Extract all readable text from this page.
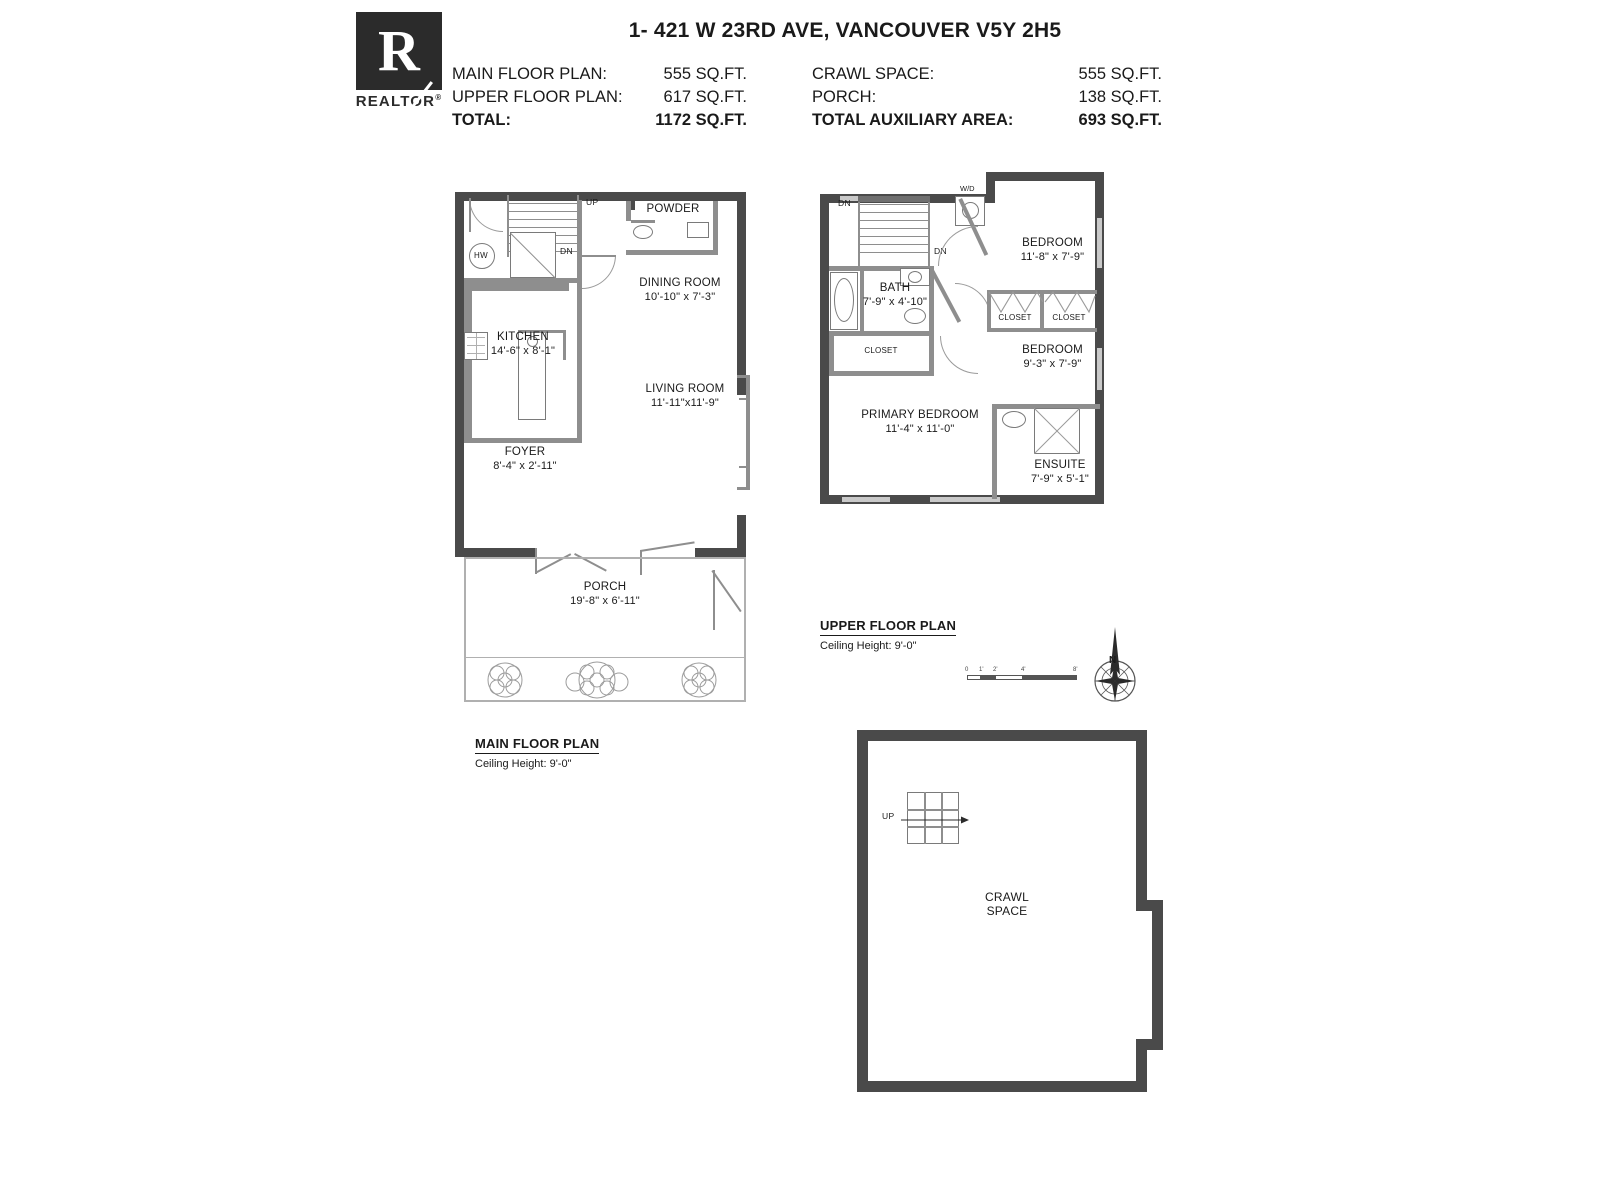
R
REALTOR®
1- 421 W 23RD AVE, VANCOUVER V5Y 2H5
MAIN FLOOR PLAN:	555 SQ.FT.
UPPER FLOOR PLAN:	617 SQ.FT.
TOTAL:	1172 SQ.FT.
CRAWL SPACE:	555 SQ.FT.
PORCH:	138 SQ.FT.
TOTAL AUXILIARY AREA:	693 SQ.FT.
UP
DN
HW
POWDER
DINING ROOM
10'-10" x 7'-3"
KITCHEN
14'-6" x 8'-1"
LIVING ROOM
11'-11"x11'-9"
FOYER
8'-4" x 2'-11"
PORCH
19'-8" x 6'-11"
MAIN FLOOR PLAN
Ceiling Height: 9'-0"
DN
DN
W/D
BATH
7'-9" x 4'-10"
CLOSET
BEDROOM
11'-8" x 7'-9"
CLOSET	CLOSET
BEDROOM
9'-3" x 7'-9"
ENSUITE
7'-9" x 5'-1"
PRIMARY BEDROOM
11'-4" x 11'-0"
UPPER FLOOR PLAN
Ceiling Height: 9'-0"
0 1' 2'	4'	8'
N
UP
CRAWL
SPACE
